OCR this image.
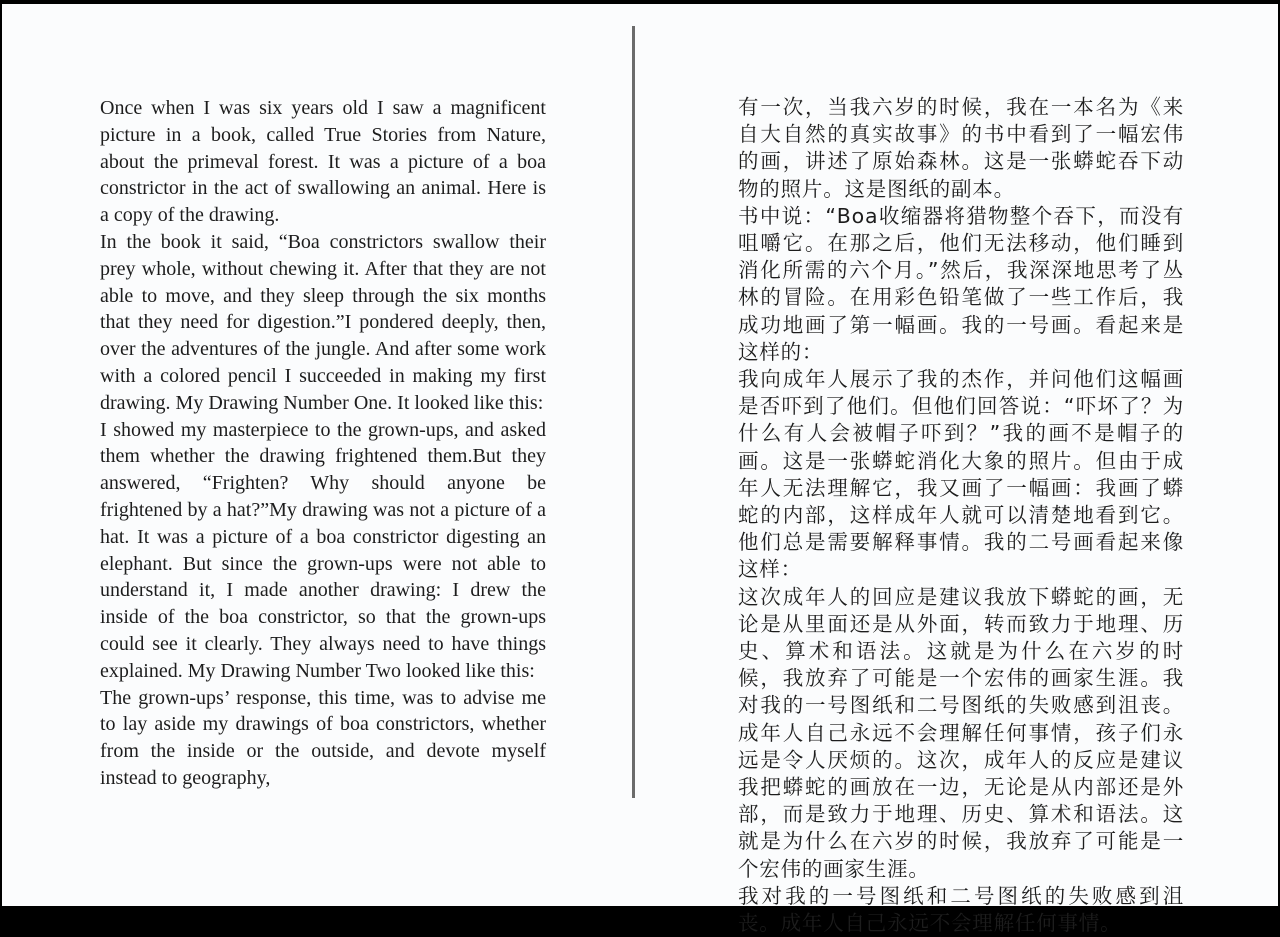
Once when I was six years old I saw a magnificent picture in a book, called True Stories from Nature, about the primeval forest. It was a picture of a boa constrictor in the act of swallowing an animal. Here is a copy of the drawing.

In the book it said, “Boa constrictors swallow their prey whole, without chewing it. After that they are not able to move, and they sleep through the six months that they need for digestion.”I pondered deeply, then, over the adventures of the jungle. And after some work with a colored pencil I succeeded in making my first drawing. My Drawing Number One. It looked like this:

I showed my masterpiece to the grown-ups, and asked them whether the drawing frightened them.But they answered, “Frighten? Why should anyone be frightened by a hat?”My drawing was not a picture of a hat. It was a picture of a boa constrictor digesting an elephant. But since the grown-ups were not able to understand it, I made another drawing: I drew the inside of the boa constrictor, so that the grown-ups could see it clearly. They always need to have things explained. My Drawing Number Two looked like this:

The grown-ups’ response, this time, was to advise me to lay aside my drawings of boa constrictors, whether from the inside or the outside, and devote myself instead to geography,

有一次，当我六岁的时候，我在一本名为《来自大自然的真实故事》的书中看到了一幅宏伟的画，讲述了原始森林。这是一张蟒蛇吞下动物的照片。这是图纸的副本。

书中说：“Boa收缩器将猎物整个吞下，而没有咀嚼它。在那之后，他们无法移动，他们睡到消化所需的六个月。”然后，我深深地思考了丛林的冒险。在用彩色铅笔做了一些工作后，我成功地画了第一幅画。我的一号画。看起来是这样的：

我向成年人展示了我的杰作，并问他们这幅画是否吓到了他们。但他们回答说：“吓坏了？为什么有人会被帽子吓到？”我的画不是帽子的画。这是一张蟒蛇消化大象的照片。但由于成年人无法理解它，我又画了一幅画：我画了蟒蛇的内部，这样成年人就可以清楚地看到它。他们总是需要解释事情。我的二号画看起来像这样：

这次成年人的回应是建议我放下蟒蛇的画，无论是从里面还是从外面，转而致力于地理、历史、算术和语法。这就是为什么在六岁的时候，我放弃了可能是一个宏伟的画家生涯。我对我的一号图纸和二号图纸的失败感到沮丧。成年人自己永远不会理解任何事情，孩子们永远是令人厌烦的。这次，成年人的反应是建议我把蟒蛇的画放在一边，无论是从内部还是外部，而是致力于地理、历史、算术和语法。这就是为什么在六岁的时候，我放弃了可能是一个宏伟的画家生涯。

我对我的一号图纸和二号图纸的失败感到沮丧。成年人自己永远不会理解任何事情。
